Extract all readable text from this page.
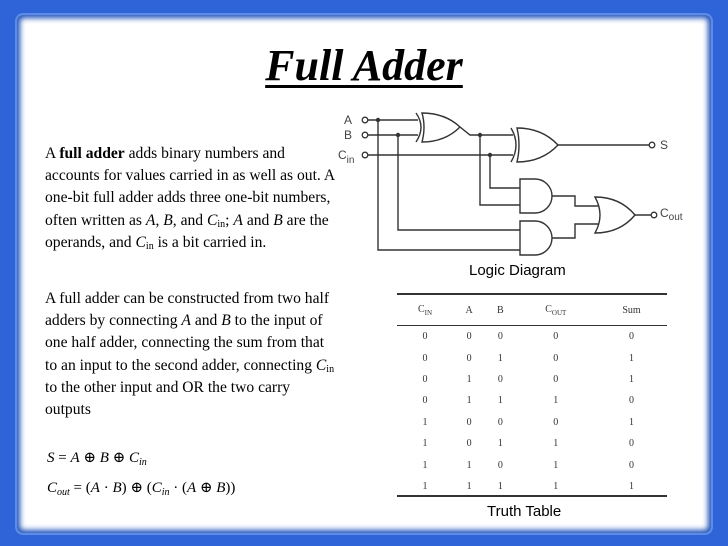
Full Adder
A full adder adds binary numbers and accounts for values carried in as well as out. A one-bit full adder adds three one-bit numbers, often written as A, B, and $C_{in}$; A and B are the operands, and $C_{in}$ is a bit carried in.
A full adder can be constructed from two half adders by connecting A and B to the input of one half adder, connecting the sum from that to an input to the second adder, connecting $C_{in}$ to the other input and OR the two carry outputs
S = A ⊕ B ⊕ $C_{in}$
$C_{out} = (A \cdot B)$ ⊕ ($C_{in} \cdot (A$ ⊕ B))
A
B
$C_{in}$
S
$C_{out}$
Logic Diagram
$C_{IN}$	A	B	$C_{OUT}$	Sum
0	0	0	0	0
0	0	1	0	1
0	1	0	0	1
0	1	1	1	0
1	0	0	0	1
1	0	1	1	0
1	1	0	1	0
1	1	1	1	1
Truth Table
